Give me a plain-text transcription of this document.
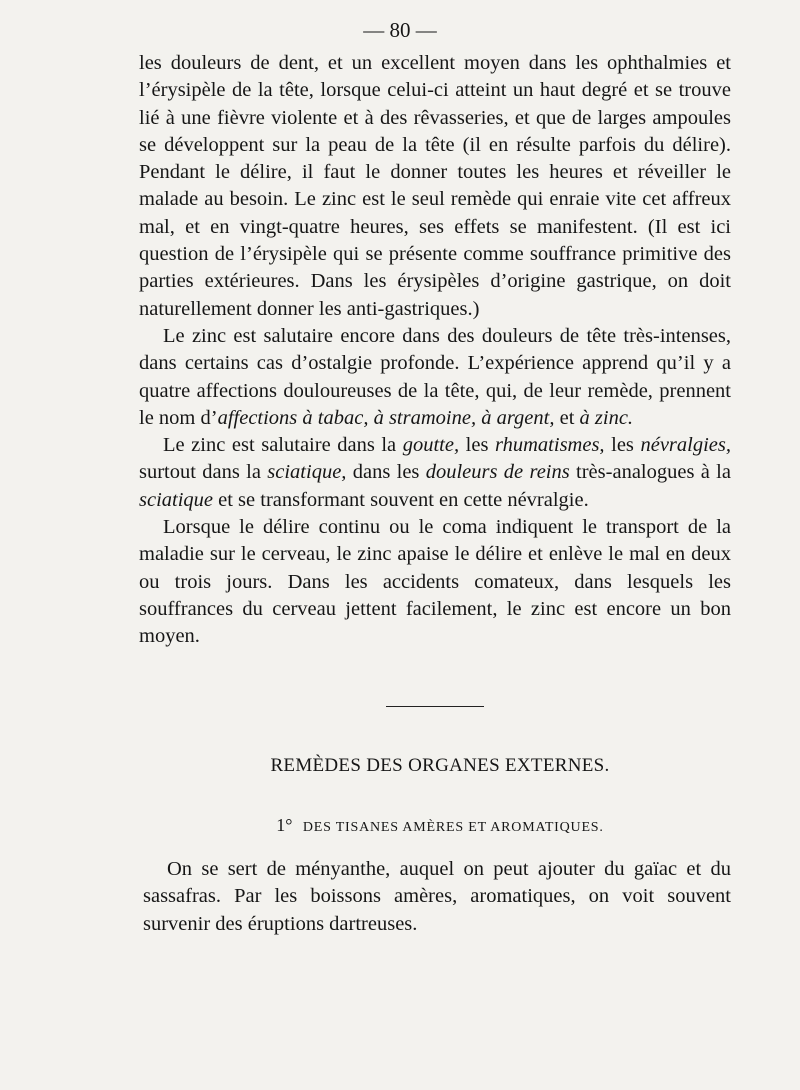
— 80 —

les douleurs de dent, et un excellent moyen dans les ophthalmies et l’érysipèle de la tête, lorsque celui-ci atteint un haut degré et se trouve lié à une fièvre violente et à des rêvasseries, et que de larges ampoules se développent sur la peau de la tête (il en résulte parfois du délire). Pendant le délire, il faut le donner toutes les heures et réveiller le malade au besoin. Le zinc est le seul remède qui enraie vite cet affreux mal, et en vingt-quatre heures, ses effets se manifestent. (Il est ici question de l’érysipèle qui se présente comme souffrance primitive des parties extérieures. Dans les érysipèles d’origine gastrique, on doit naturellement donner les anti-gastriques.)

Le zinc est salutaire encore dans des douleurs de tête très-intenses, dans certains cas d’ostalgie profonde. L’expérience apprend qu’il y a quatre affections douloureuses de la tête, qui, de leur remède, prennent le nom d’affections à tabac, à stramoine, à argent, et à zinc.

Le zinc est salutaire dans la goutte, les rhumatismes, les névralgies, surtout dans la sciatique, dans les douleurs de reins très-analogues à la sciatique et se transformant souvent en cette névralgie.

Lorsque le délire continu ou le coma indiquent le transport de la maladie sur le cerveau, le zinc apaise le délire et enlève le mal en deux ou trois jours. Dans les accidents comateux, dans lesquels les souffrances du cerveau jettent facilement, le zinc est encore un bon moyen.

REMÈDES DES ORGANES EXTERNES.
1° DES TISANES AMÈRES ET AROMATIQUES.

On se sert de ményanthe, auquel on peut ajouter du gaïac et du sassafras. Par les boissons amères, aromatiques, on voit souvent survenir des éruptions dartreuses.
